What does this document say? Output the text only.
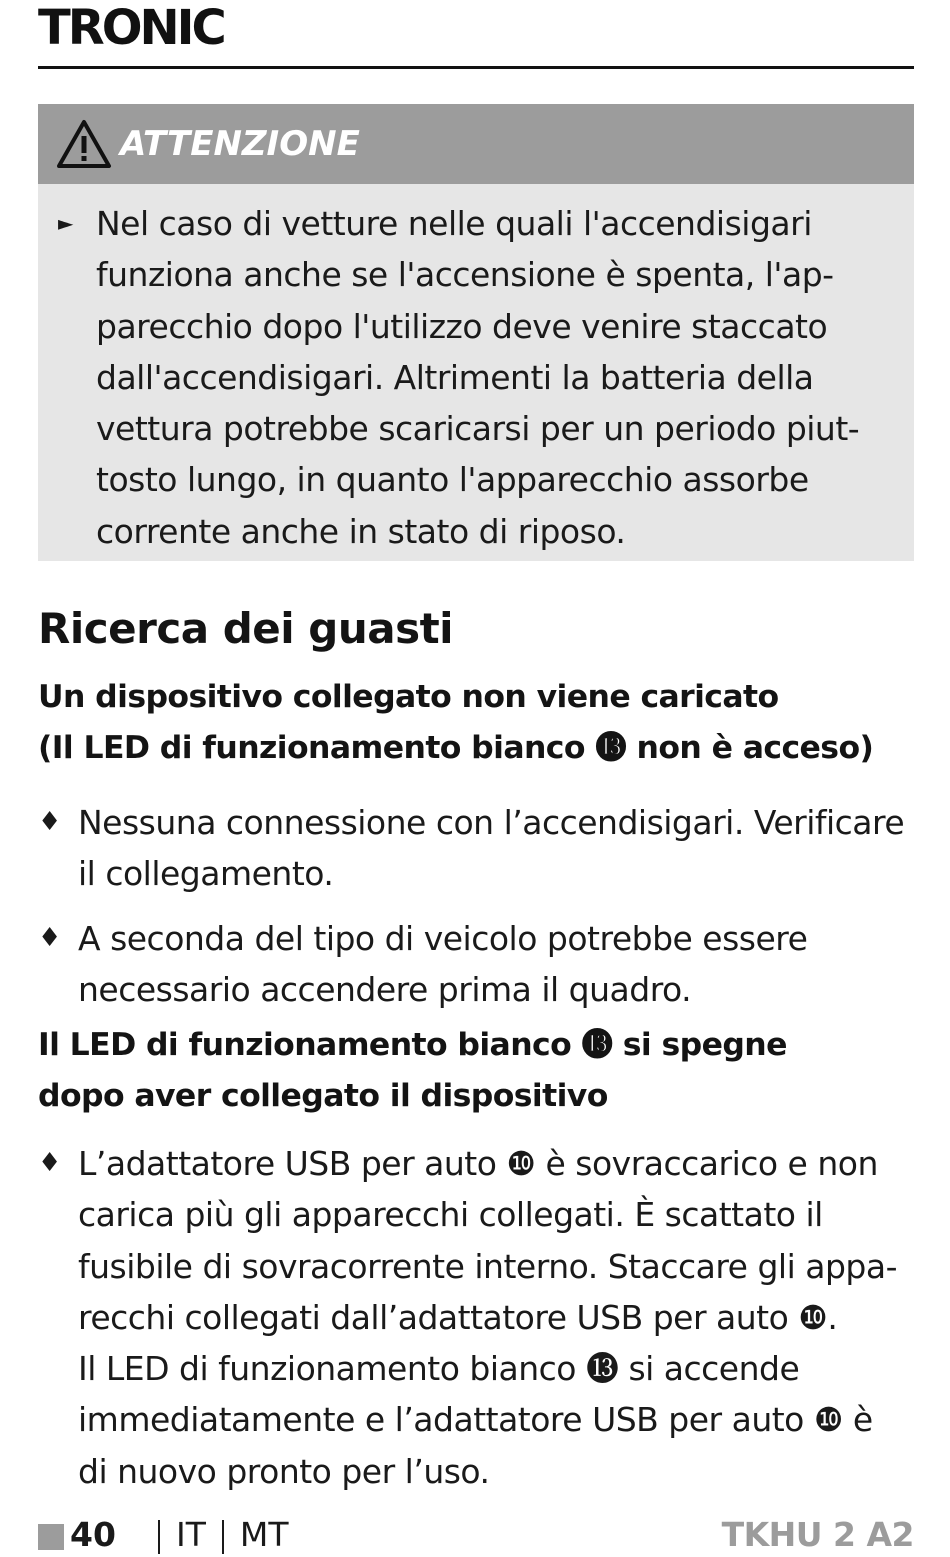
TRONIC
ATTENZIONE
► Nel caso di vetture nelle quali l'accendisigari
funziona anche se l'accensione è spenta, l'ap-
parecchio dopo l'utilizzo deve venire staccato
dall'accendisigari. Altrimenti la batteria della
vettura potrebbe scaricarsi per un periodo piut-
tosto lungo, in quanto l'apparecchio assorbe
corrente anche in stato di riposo.
Ricerca dei guasti
Un dispositivo collegato non viene caricato
(Il LED di funzionamento bianco ⓭ non è acceso)
♦ Nessuna connessione con l’accendisigari. Verificare
il collegamento.
♦ A seconda del tipo di veicolo potrebbe essere
necessario accendere prima il quadro.
Il LED di funzionamento bianco ⓭ si spegne
dopo aver collegato il dispositivo
♦ L’adattatore USB per auto ❿ è sovraccarico e non
carica più gli apparecchi collegati. È scattato il
fusibile di sovracorrente interno. Staccare gli appa-
recchi collegati dall’adattatore USB per auto ❿.
Il LED di funzionamento bianco ⓭ si accende
immediatamente e l’adattatore USB per auto ❿ è
di nuovo pronto per l’uso.
40	IT MT	TKHU 2 A2
